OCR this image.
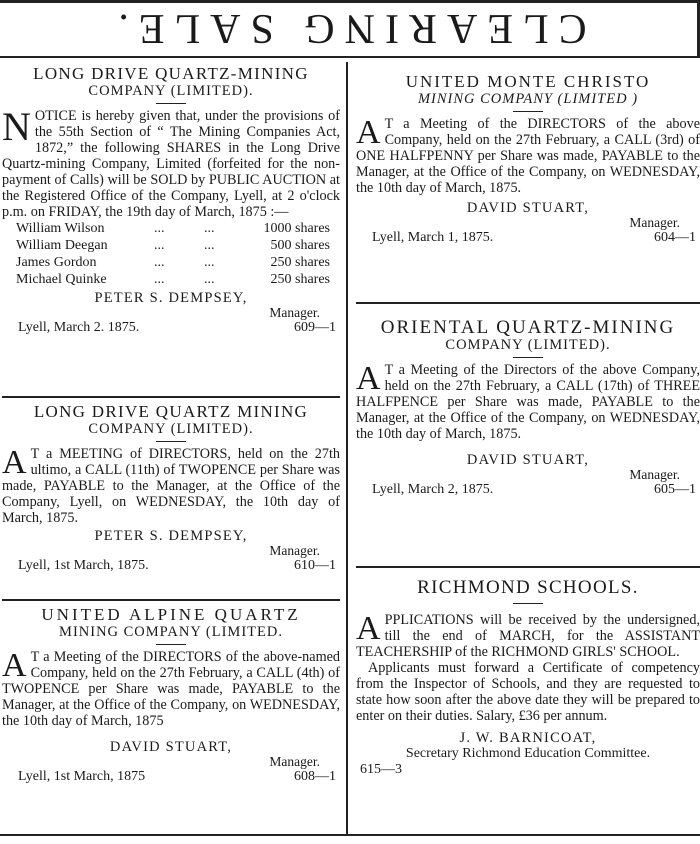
CLEARING SALE.
LONG DRIVE QUARTZ-MINING
COMPANY (LIMITED).
N OTICE is hereby given that, under the provisions of the 55th Section of “ The Mining Companies Act, 1872,” the following SHARES in the Long Drive Quartz-mining Company, Limited (forfeited for the non-payment of Calls) will be SOLD by PUBLIC AUCTION at the Registered Office of the Company, Lyell, at 2 o'clock p.m. on FRIDAY, the 19th day of March, 1875 :—
William Wilson	...	...	1000 shares
William Deegan	...	...	500 shares
James Gordon	...	...	250 shares
Michael Quinke	...	...	250 shares
PETER S. DEMPSEY,
Manager.
Lyell, March 2. 1875.	609—1
LONG DRIVE QUARTZ MINING
COMPANY (LIMITED).
A T a MEETING of DIRECTORS, held on the 27th ultimo, a CALL (11th) of TWOPENCE per Share was made, PAYABLE to the Manager, at the Office of the Company, Lyell, on WEDNESDAY, the 10th day of March, 1875.
PETER S. DEMPSEY,
Manager.
Lyell, 1st March, 1875.	610—1
UNITED ALPINE QUARTZ
MINING COMPANY (LIMITED.
A T a Meeting of the DIRECTORS of the above-named Company, held on the 27th February, a CALL (4th) of TWOPENCE per Share was made, PAYABLE to the Manager, at the Office of the Company, on WEDNESDAY, the 10th day of March, 1875
DAVID STUART,
Manager.
Lyell, 1st March, 1875	608—1
UNITED MONTE CHRISTO
MINING COMPANY (LIMITED )
A T a Meeting of the DIRECTORS of the above Company, held on the 27th February, a CALL (3rd) of ONE HALFPENNY per Share was made, PAYABLE to the Manager, at the Office of the Company, on WEDNESDAY, the 10th day of March, 1875.
DAVID STUART,
Manager.
Lyell, March 1, 1875.	604—1
ORIENTAL QUARTZ-MINING
COMPANY (LIMITED).
A T a Meeting of the Directors of the above Company, held on the 27th February, a CALL (17th) of THREE HALFPENCE per Share was made, PAYABLE to the Manager, at the Office of the Company, on WEDNESDAY, the 10th day of March, 1875.
DAVID STUART,
Manager.
Lyell, March 2, 1875.	605—1
RICHMOND SCHOOLS.
A PPLICATIONS will be received by the undersigned, till the end of MARCH, for the ASSISTANT TEACHERSHIP of the RICHMOND GIRLS' SCHOOL.
Applicants must forward a Certificate of competency from the Inspector of Schools, and they are requested to state how soon after the above date they will be prepared to enter on their duties. Salary, £36 per annum.
J. W. BARNICOAT,
Secretary Richmond Education Committee.
615—3
